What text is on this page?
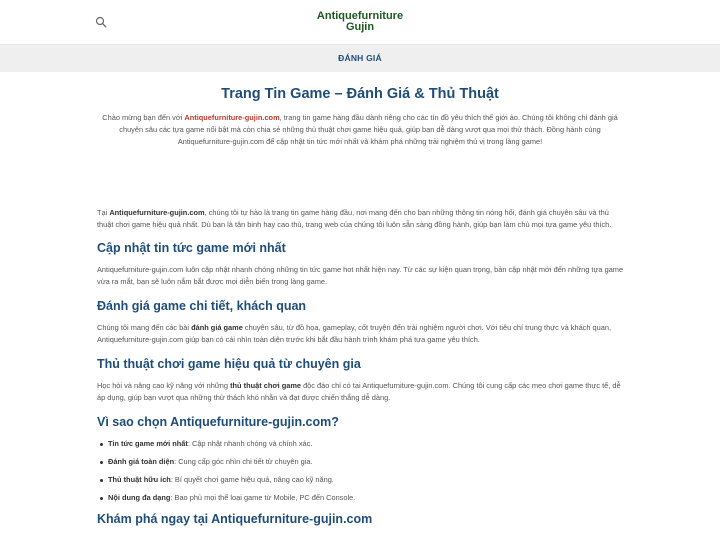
Antiquefurniture
Gujin
ĐÁNH GIÁ
Trang Tin Game – Đánh Giá & Thủ Thuật

Chào mừng bạn đến với Antiquefurniture-gujin.com, trang tin game hàng đầu dành riêng cho các tín đồ yêu thích thế giới ảo. Chúng tôi không chỉ đánh giá chuyên sâu các tựa game nổi bật mà còn chia sẻ những thủ thuật chơi game hiệu quả, giúp bạn dễ dàng vượt qua mọi thử thách. Đồng hành cùng Antiquefurniture-gujin.com để cập nhật tin tức mới nhất và khám phá những trải nghiệm thú vị trong làng game!

Tại Antiquefurniture-gujin.com, chúng tôi tự hào là trang tin game hàng đầu, nơi mang đến cho bạn những thông tin nóng hổi, đánh giá chuyên sâu và thủ thuật chơi game hiệu quả nhất. Dù bạn là tân binh hay cao thủ, trang web của chúng tôi luôn sẵn sàng đồng hành, giúp bạn làm chủ mọi tựa game yêu thích.

Cập nhật tin tức game mới nhất

Antiquefurniture-gujin.com luôn cập nhật nhanh chóng những tin tức game hot nhất hiện nay. Từ các sự kiện quan trọng, bản cập nhật mới đến những tựa game vừa ra mắt, bạn sẽ luôn nắm bắt được mọi diễn biến trong làng game.

Đánh giá game chi tiết, khách quan

Chúng tôi mang đến các bài đánh giá game chuyên sâu, từ đồ họa, gameplay, cốt truyện đến trải nghiệm người chơi. Với tiêu chí trung thực và khách quan, Antiquefurniture-gujin.com giúp bạn có cái nhìn toàn diện trước khi bắt đầu hành trình khám phá tựa game yêu thích.

Thủ thuật chơi game hiệu quả từ chuyên gia

Học hỏi và nâng cao kỹ năng với những thủ thuật chơi game độc đáo chỉ có tại Antiquefurniture-gujin.com. Chúng tôi cung cấp các mẹo chơi game thực tế, dễ áp dụng, giúp bạn vượt qua những thử thách khó nhằn và đạt được chiến thắng dễ dàng.

Vì sao chọn Antiquefurniture-gujin.com?
Tin tức game mới nhất: Cập nhật nhanh chóng và chính xác.
Đánh giá toàn diện: Cung cấp góc nhìn chi tiết từ chuyên gia.
Thủ thuật hữu ích: Bí quyết chơi game hiệu quả, nâng cao kỹ năng.
Nội dung đa dạng: Bao phủ mọi thể loại game từ Mobile, PC đến Console.
Khám phá ngay tại Antiquefurniture-gujin.com
